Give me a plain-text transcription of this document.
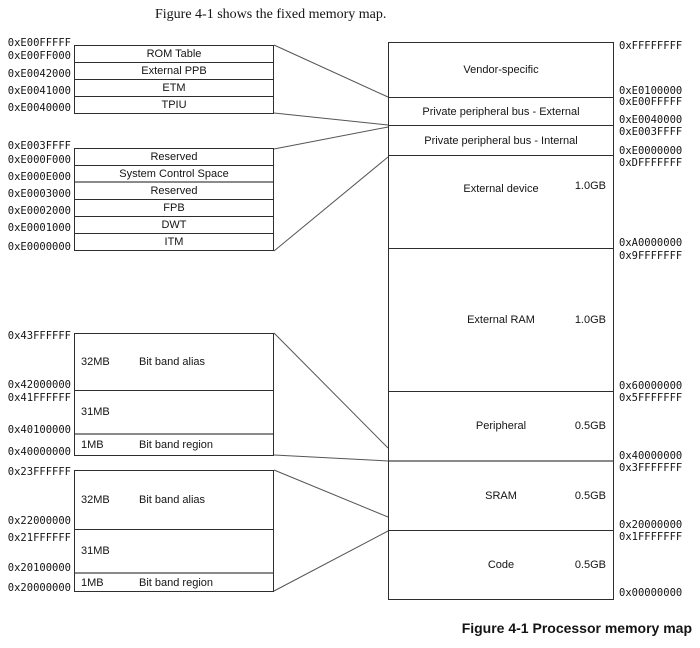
Figure 4-1 shows the fixed memory map.
ROM Table
External PPB
ETM
TPIU
Reserved
System Control Space
Reserved
FPB
DWT
ITM
32MB	Bit band alias
31MB
1MB	Bit band region
32MB	Bit band alias
31MB
1MB	Bit band region
0xE00FFFFF
0xE00FF000
0xE0042000
0xE0041000
0xE0040000
0xE003FFFF
0xE000F000
0xE000E000
0xE0003000
0xE0002000
0xE0001000
0xE0000000
0x43FFFFFF
0x42000000
0x41FFFFFF
0x40100000
0x40000000
0x23FFFFFF
0x22000000
0x21FFFFFF
0x20100000
0x20000000
Vendor-specific
Private peripheral bus - External
Private peripheral bus - Internal
External device	1.0GB
External RAM	1.0GB
Peripheral	0.5GB
SRAM	0.5GB
Code	0.5GB
0xFFFFFFFF
0xE0100000
0xE00FFFFF
0xE0040000
0xE003FFFF
0xE0000000
0xDFFFFFFF
0xA0000000
0x9FFFFFFF
0x60000000
0x5FFFFFFF
0x40000000
0x3FFFFFFF
0x20000000
0x1FFFFFFF
0x00000000
Figure 4-1 Processor memory map
